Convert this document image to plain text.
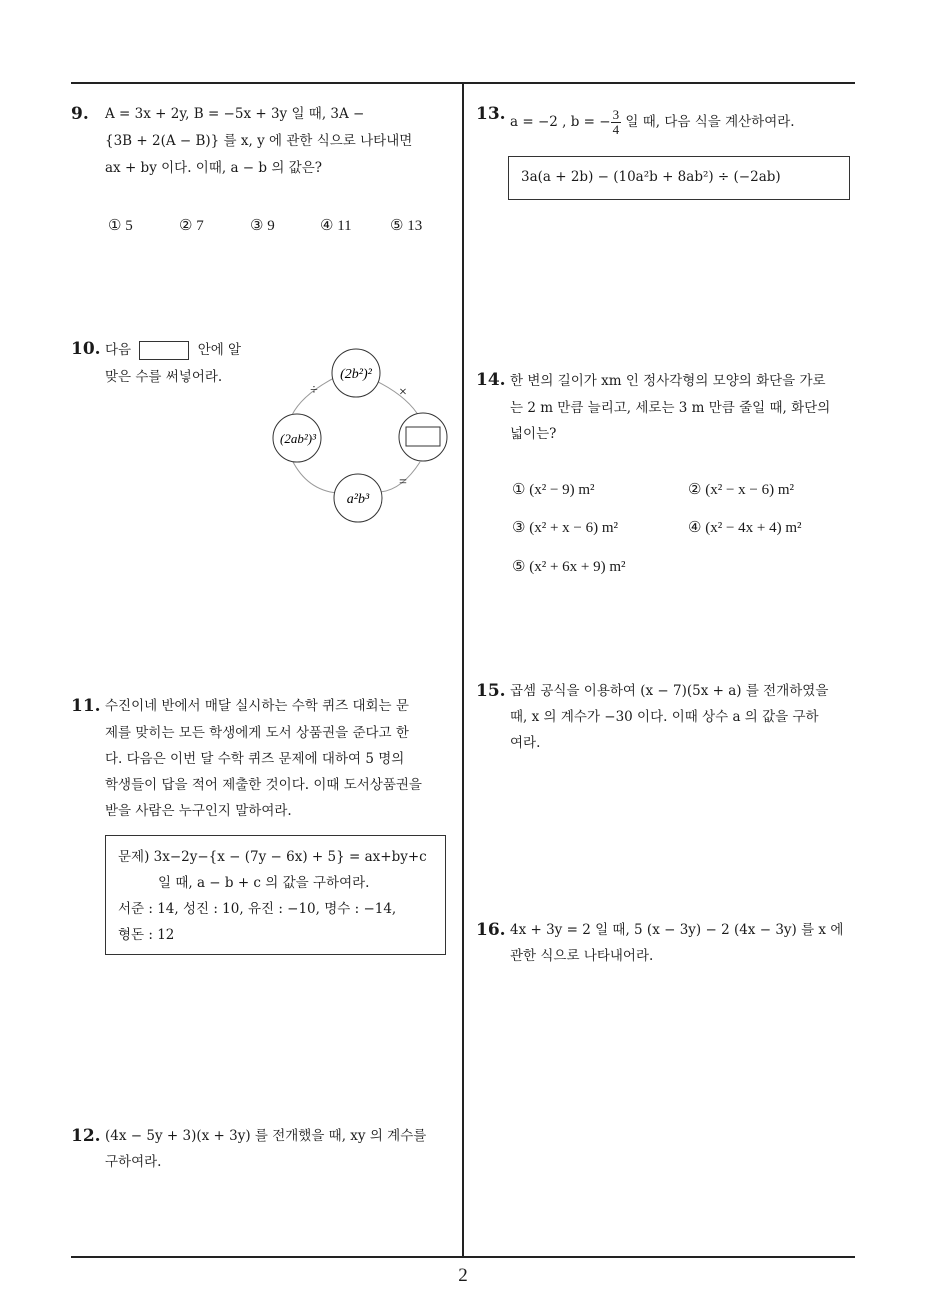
2
9. A = 3x + 2y, B = −5x + 3y 일 때, 3A −
{3B + 2(A − B)} 를 x, y 에 관한 식으로 나타내면
ax + by 이다. 이때, a − b 의 값은?
① 5	② 7	③ 9	④ 11	⑤ 13
10. 다음	안에 알
맞은 수를 써넣어라.	(2b²)²
(2ab²)³
a²b³
÷	×
=
11. 수진이네 반에서 매달 실시하는 수학 퀴즈 대회는 문
제를 맞히는 모든 학생에게 도서 상품권을 준다고 한
다. 다음은 이번 달 수학 퀴즈 문제에 대하여 5 명의
학생들이 답을 적어 제출한 것이다. 이때 도서상품권을
받을 사람은 누구인지 말하여라.
문제) 3x−2y−{x − (7y − 6x) + 5} = ax+by+c
일 때, a − b + c 의 값을 구하여라.
서준 : 14, 성진 : 10, 유진 : −10, 명수 : −14,
형돈 : 12
12. (4x − 5y + 3)(x + 3y) 를 전개했을 때, xy 의 계수를
구하여라.
13. a = −2 , b = − $\frac{3}{4}$ 일 때, 다음 식을 계산하여라.
3a(a + 2b) − (10a²b + 8ab²) ÷ (−2ab)
14. 한 변의 길이가 xm 인 정사각형의 모양의 화단을 가로
는 2 m 만큼 늘리고, 세로는 3 m 만큼 줄일 때, 화단의
넓이는?
① (x² − 9) m²	② (x² − x − 6) m²
③ (x² + x − 6) m²	④ (x² − 4x + 4) m²
⑤ (x² + 6x + 9) m²
15. 곱셈 공식을 이용하여 (x − 7)(5x + a) 를 전개하였을
때, x 의 계수가 −30 이다. 이때 상수 a 의 값을 구하
여라.
16. 4x + 3y = 2 일 때, 5 (x − 3y) − 2 (4x − 3y) 를 x 에
관한 식으로 나타내어라.
